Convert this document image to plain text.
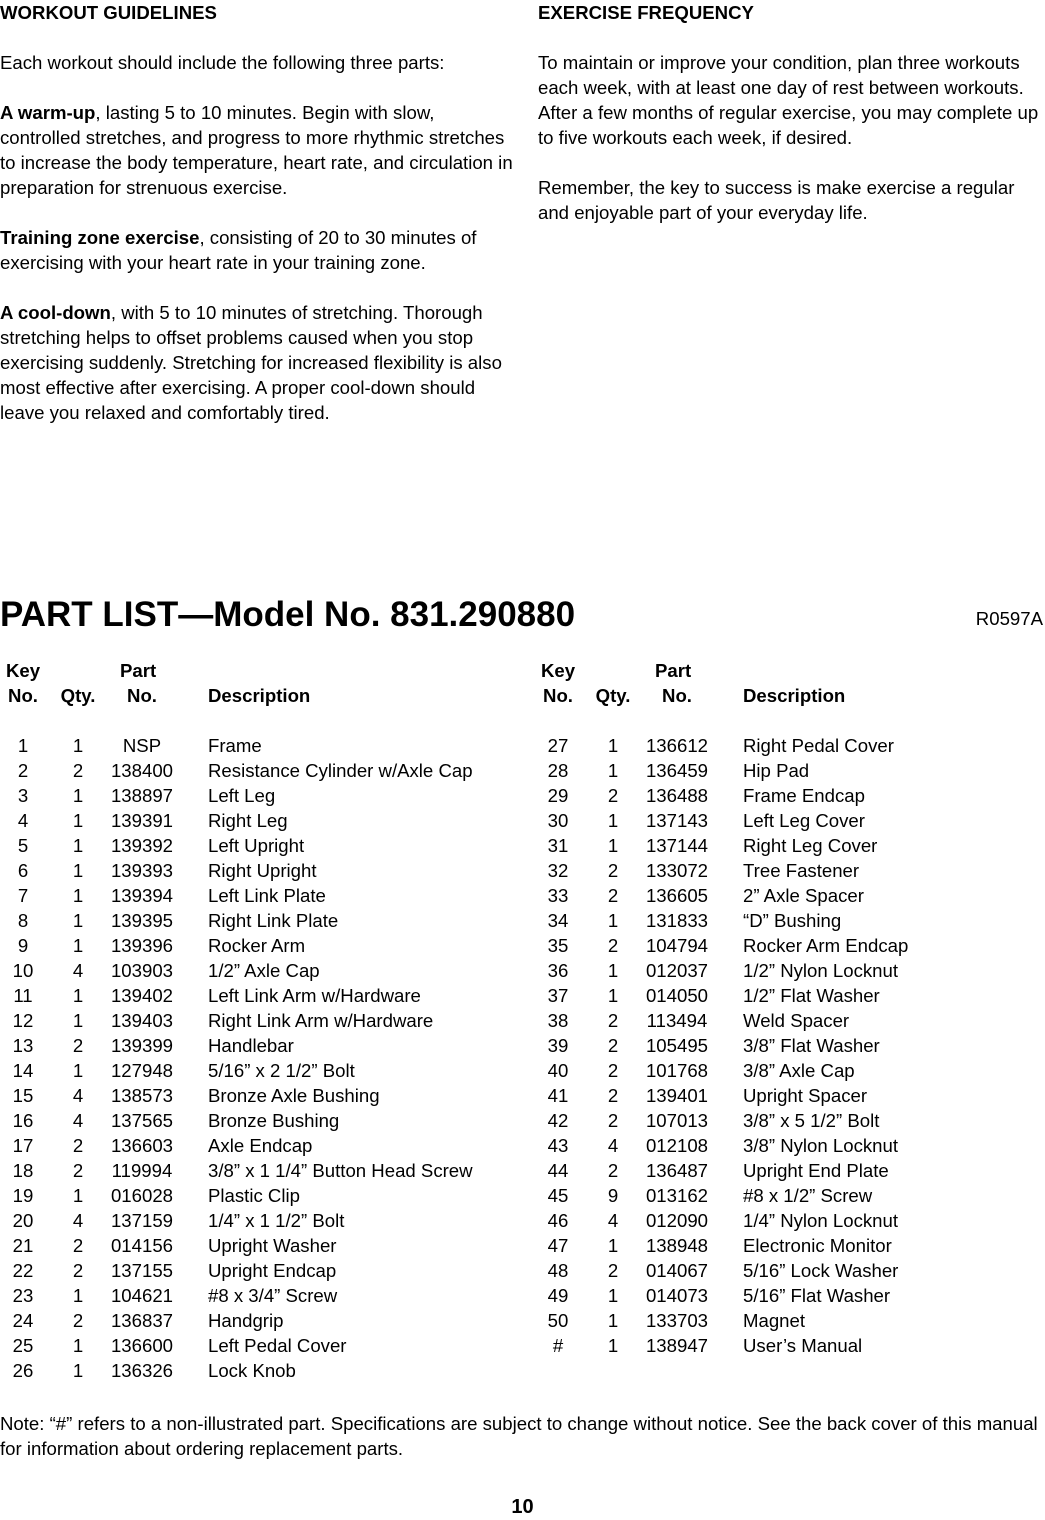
WORKOUT GUIDELINES

Each workout should include the following three parts:

A warm-up, lasting 5 to 10 minutes. Begin with slow, controlled stretches, and progress to more rhythmic stretches to increase the body temperature, heart rate, and circulation in preparation for strenuous exercise.

Training zone exercise, consisting of 20 to 30 minutes of exercising with your heart rate in your training zone.

A cool-down, with 5 to 10 minutes of stretching. Thorough stretching helps to offset problems caused when you stop exercising suddenly. Stretching for increased flexibility is also most effective after exercising. A proper cool-down should leave you relaxed and comfortably tired.

EXERCISE FREQUENCY

To maintain or improve your condition, plan three workouts each week, with at least one day of rest between workouts. After a few months of regular exercise, you may complete up to five workouts each week, if desired.

Remember, the key to success is make exercise a regular and enjoyable part of your everyday life.

PART LIST—Model No. 831.290880	R0597A
Key	Part
No.	Qty.	No.	Description
1	1	NSP	Frame
2	2	138400	Resistance Cylinder w/Axle Cap
3	1	138897	Left Leg
4	1	139391	Right Leg
5	1	139392	Left Upright
6	1	139393	Right Upright
7	1	139394	Left Link Plate
8	1	139395	Right Link Plate
9	1	139396	Rocker Arm
10	4	103903	1/2” Axle Cap
11	1	139402	Left Link Arm w/Hardware
12	1	139403	Right Link Arm w/Hardware
13	2	139399	Handlebar
14	1	127948	5/16” x 2 1/2” Bolt
15	4	138573	Bronze Axle Bushing
16	4	137565	Bronze Bushing
17	2	136603	Axle Endcap
18	2	119994	3/8” x 1 1/4” Button Head Screw
19	1	016028	Plastic Clip
20	4	137159	1/4” x 1 1/2” Bolt
21	2	014156	Upright Washer
22	2	137155	Upright Endcap
23	1	104621	#8 x 3/4” Screw
24	2	136837	Handgrip
25	1	136600	Left Pedal Cover
26	1	136326	Lock Knob
Key	Part
No.	Qty.	No.	Description
27	1	136612	Right Pedal Cover
28	1	136459	Hip Pad
29	2	136488	Frame Endcap
30	1	137143	Left Leg Cover
31	1	137144	Right Leg Cover
32	2	133072	Tree Fastener
33	2	136605	2” Axle Spacer
34	1	131833	“D” Bushing
35	2	104794	Rocker Arm Endcap
36	1	012037	1/2” Nylon Locknut
37	1	014050	1/2” Flat Washer
38	2	113494	Weld Spacer
39	2	105495	3/8” Flat Washer
40	2	101768	3/8” Axle Cap
41	2	139401	Upright Spacer
42	2	107013	3/8” x 5 1/2” Bolt
43	4	012108	3/8” Nylon Locknut
44	2	136487	Upright End Plate
45	9	013162	#8 x 1/2” Screw
46	4	012090	1/4” Nylon Locknut
47	1	138948	Electronic Monitor
48	2	014067	5/16” Lock Washer
49	1	014073	5/16” Flat Washer
50	1	133703	Magnet
#	1	138947	User’s Manual

Note: “#” refers to a non-illustrated part. Specifications are subject to change without notice. See the back cover of this manual for information about ordering replacement parts.

10
